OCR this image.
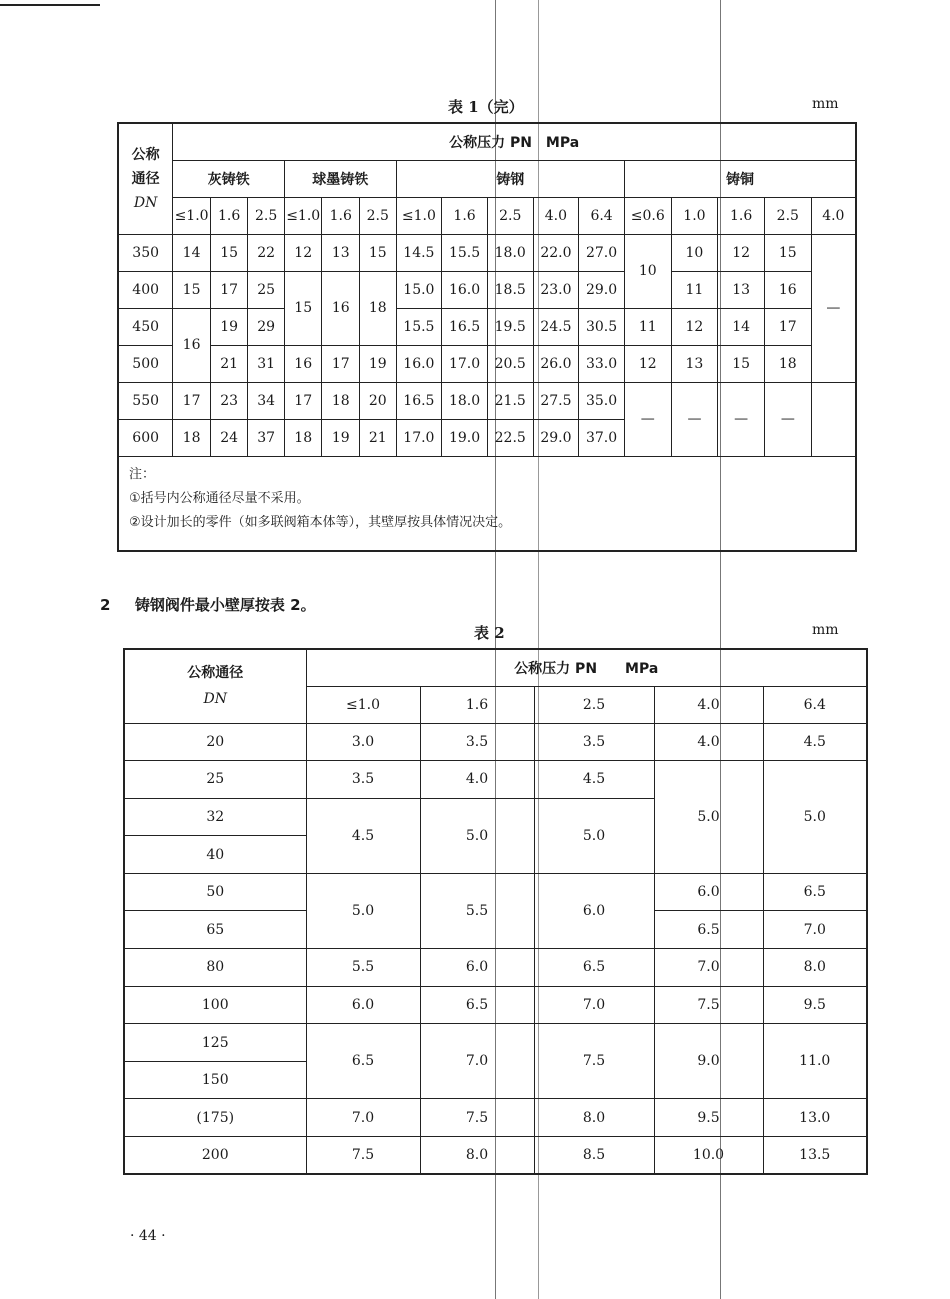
表 1（完）	mm
公称
通径
DN	公称压力 PN　MPa															
	灰铸铁			球墨铸铁			铸钢					铸铜				
	≤1.0	1.6	2.5	≤1.0	1.6	2.5	≤1.0	1.6	2.5	4.0	6.4	≤0.6	1.0	1.6	2.5	4.0
350	14	15	22	12	13	15	14.5	15.5	18.0	22.0	27.0	10	10	12	15	—
400	15	17	25	15	16	18	15.0	16.0	18.5	23.0	29.0		11	13	16	
450	16	19	29				15.5	16.5	19.5	24.5	30.5	11	12	14	17	
500		21	31	16	17	19	16.0	17.0	20.5	26.0	33.0	12	13	15	18	
550	17	23	34	17	18	20	16.5	18.0	21.5	27.5	35.0	—	—	—	—	
600	18	24	37	18	19	21	17.0	19.0	22.5	29.0	37.0					

注：
①括号内公称通径尽量不采用。
②设计加长的零件（如多联阀箱本体等），其壁厚按具体情况决定。																
2 铸钢阀件最小壁厚按表 2。
表 2	mm
公称通径
DN	公称压力 PN　　MPa				
	≤1.0	1.6	2.5	4.0	6.4
20	3.0	3.5	3.5	4.0	4.5
25	3.5	4.0	4.5	5.0	5.0
32	4.5	5.0	5.0		
40					
50	5.0	5.5	6.0	6.0	6.5
65				6.5	7.0
80	5.5	6.0	6.5	7.0	8.0
100	6.0	6.5	7.0	7.5	9.5
125	6.5	7.0	7.5	9.0	11.0
150					
(175)	7.0	7.5	8.0	9.5	13.0
200	7.5	8.0	8.5	10.0	13.5
· 44 ·
